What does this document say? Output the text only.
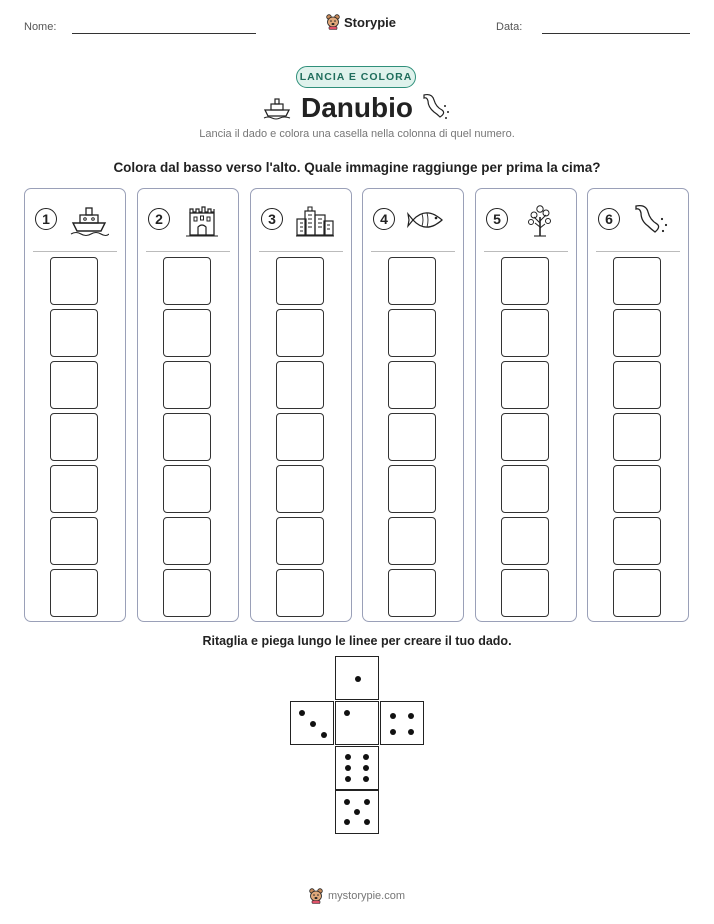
Nome:	Storypie	Data:
LANCIA E COLORA
Danubio
Lancia il dado e colora una casella nella colonna di quel numero.
Colora dal basso verso l'alto. Quale immagine raggiunge per prima la cima?
1	2	3	4	5	6
Ritaglia e piega lungo le linee per creare il tuo dado.
mystorypie.com
